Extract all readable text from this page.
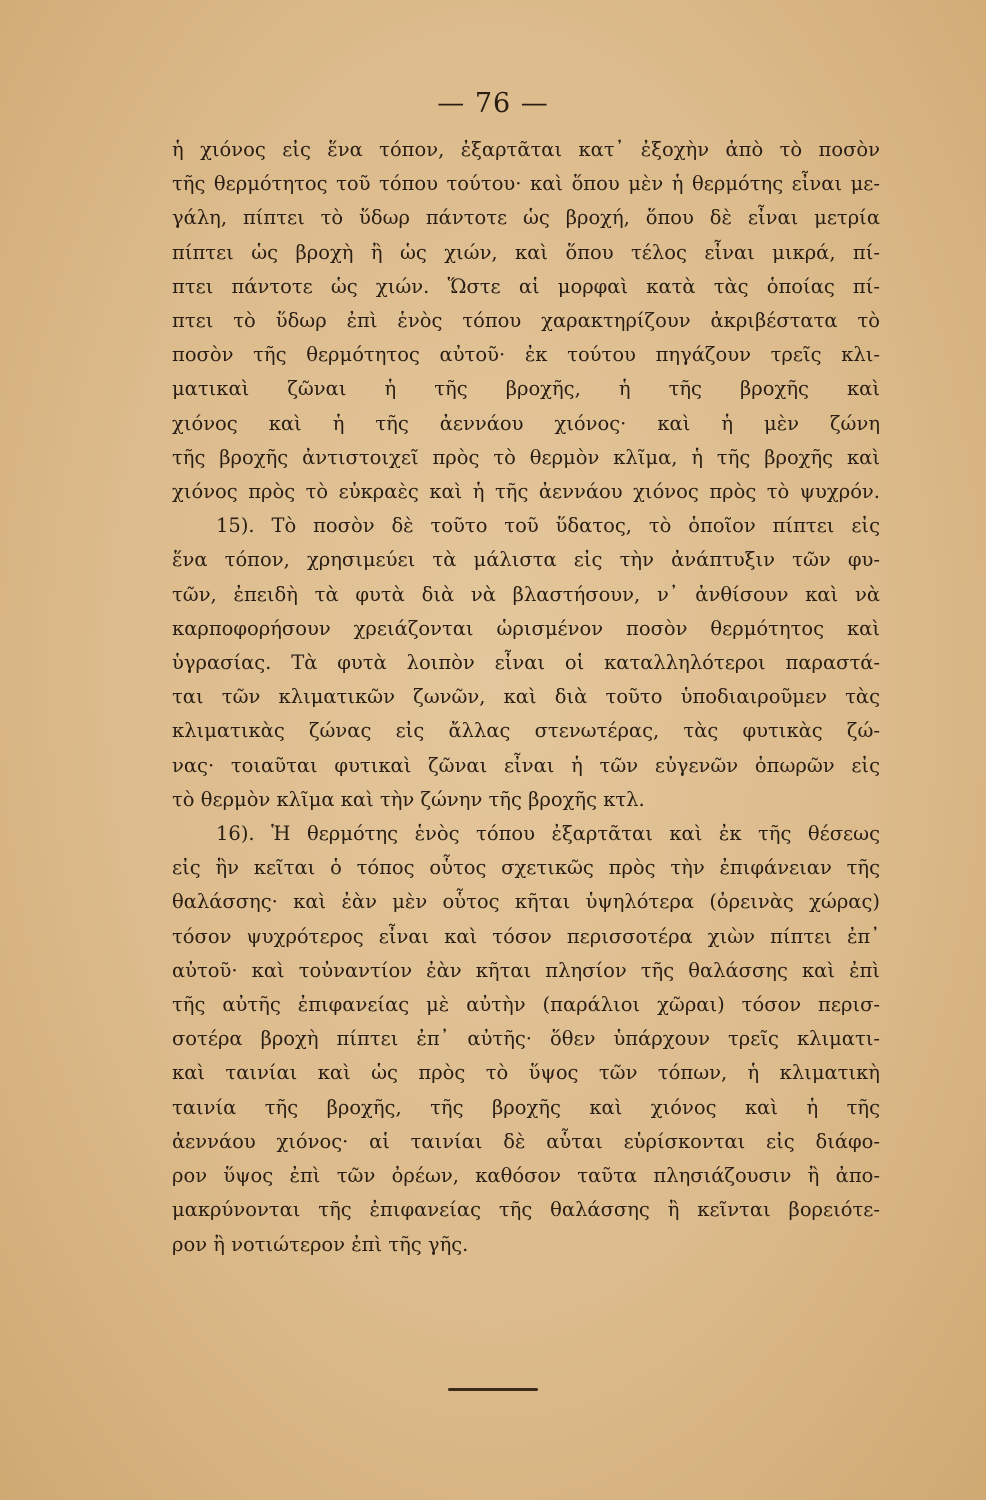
— 76 —
ἡ χιόνος εἰς ἕνα τόπον, ἐξαρτᾶται κατ᾽ ἐξοχὴν ἀπὸ τὸ ποσὸν
τῆς θερμότητος τοῦ τόπου τούτου· καὶ ὅπου μὲν ἡ θερμότης εἶναι με-
γάλη, πίπτει τὸ ὕδωρ πάντοτε ὡς βροχή, ὅπου δὲ εἶναι μετρία
πίπτει ὡς βροχὴ ἢ ὡς χιών, καὶ ὅπου τέλος εἶναι μικρά, πί-
πτει πάντοτε ὡς χιών. Ὥστε αἱ μορφαὶ κατὰ τὰς ὁποίας πί-
πτει τὸ ὕδωρ ἐπὶ ἑνὸς τόπου χαρακτηρίζουν ἀκριβέστατα τὸ
ποσὸν τῆς θερμότητος αὐτοῦ· ἐκ τούτου πηγάζουν τρεῖς κλι-
ματικαὶ ζῶναι ἡ τῆς βροχῆς, ἡ τῆς βροχῆς καὶ
χιόνος καὶ ἡ τῆς ἀεννάου χιόνος· καὶ ἡ μὲν ζώνη
τῆς βροχῆς ἀντιστοιχεῖ πρὸς τὸ θερμὸν κλῖμα, ἡ τῆς βροχῆς καὶ
χιόνος πρὸς τὸ εὐκραὲς καὶ ἡ τῆς ἀεννάου χιόνος πρὸς τὸ ψυχρόν.
15). Τὸ ποσὸν δὲ τοῦτο τοῦ ὕδατος, τὸ ὁποῖον πίπτει εἰς
ἕνα τόπον, χρησιμεύει τὰ μάλιστα εἰς τὴν ἀνάπτυξιν τῶν φυ-
τῶν, ἐπειδὴ τὰ φυτὰ διὰ νὰ βλαστήσουν, ν᾽ ἀνθίσουν καὶ νὰ
καρποφορήσουν χρειάζονται ὡρισμένον ποσὸν θερμότητος καὶ
ὑγρασίας. Τὰ φυτὰ λοιπὸν εἶναι οἱ καταλληλότεροι παραστά-
ται τῶν κλιματικῶν ζωνῶν, καὶ διὰ τοῦτο ὑποδιαιροῦμεν τὰς
κλιματικὰς ζώνας εἰς ἄλλας στενωτέρας, τὰς φυτικὰς ζώ-
νας· τοιαῦται φυτικαὶ ζῶναι εἶναι ἡ τῶν εὐγενῶν ὀπωρῶν εἰς
τὸ θερμὸν κλῖμα καὶ τὴν ζώνην τῆς βροχῆς κτλ.
16). Ἡ θερμότης ἑνὸς τόπου ἐξαρτᾶται καὶ ἐκ τῆς θέσεως
εἰς ἣν κεῖται ὁ τόπος οὗτος σχετικῶς πρὸς τὴν ἐπιφάνειαν τῆς
θαλάσσης· καὶ ἐὰν μὲν οὗτος κῆται ὑψηλότερα (ὀρεινὰς χώρας)
τόσον ψυχρότερος εἶναι καὶ τόσον περισσοτέρα χιὼν πίπτει ἐπ᾽
αὐτοῦ· καὶ τοὐναντίον ἐὰν κῆται πλησίον τῆς θαλάσσης καὶ ἐπὶ
τῆς αὐτῆς ἐπιφανείας μὲ αὐτὴν (παράλιοι χῶραι) τόσον περισ-
σοτέρα βροχὴ πίπτει ἐπ᾽ αὐτῆς· ὅθεν ὑπάρχουν τρεῖς κλιματι-
καὶ ταινίαι καὶ ὡς πρὸς τὸ ὕψος τῶν τόπων, ἡ κλιματικὴ
ταινία τῆς βροχῆς, τῆς βροχῆς καὶ χιόνος καὶ ἡ τῆς
ἀεννάου χιόνος· αἱ ταινίαι δὲ αὗται εὑρίσκονται εἰς διάφο-
ρον ὕψος ἐπὶ τῶν ὀρέων, καθόσον ταῦτα πλησιάζουσιν ἢ ἀπο-
μακρύνονται τῆς ἐπιφανείας τῆς θαλάσσης ἢ κεῖνται βορειότε-
ρον ἢ νοτιώτερον ἐπὶ τῆς γῆς.
